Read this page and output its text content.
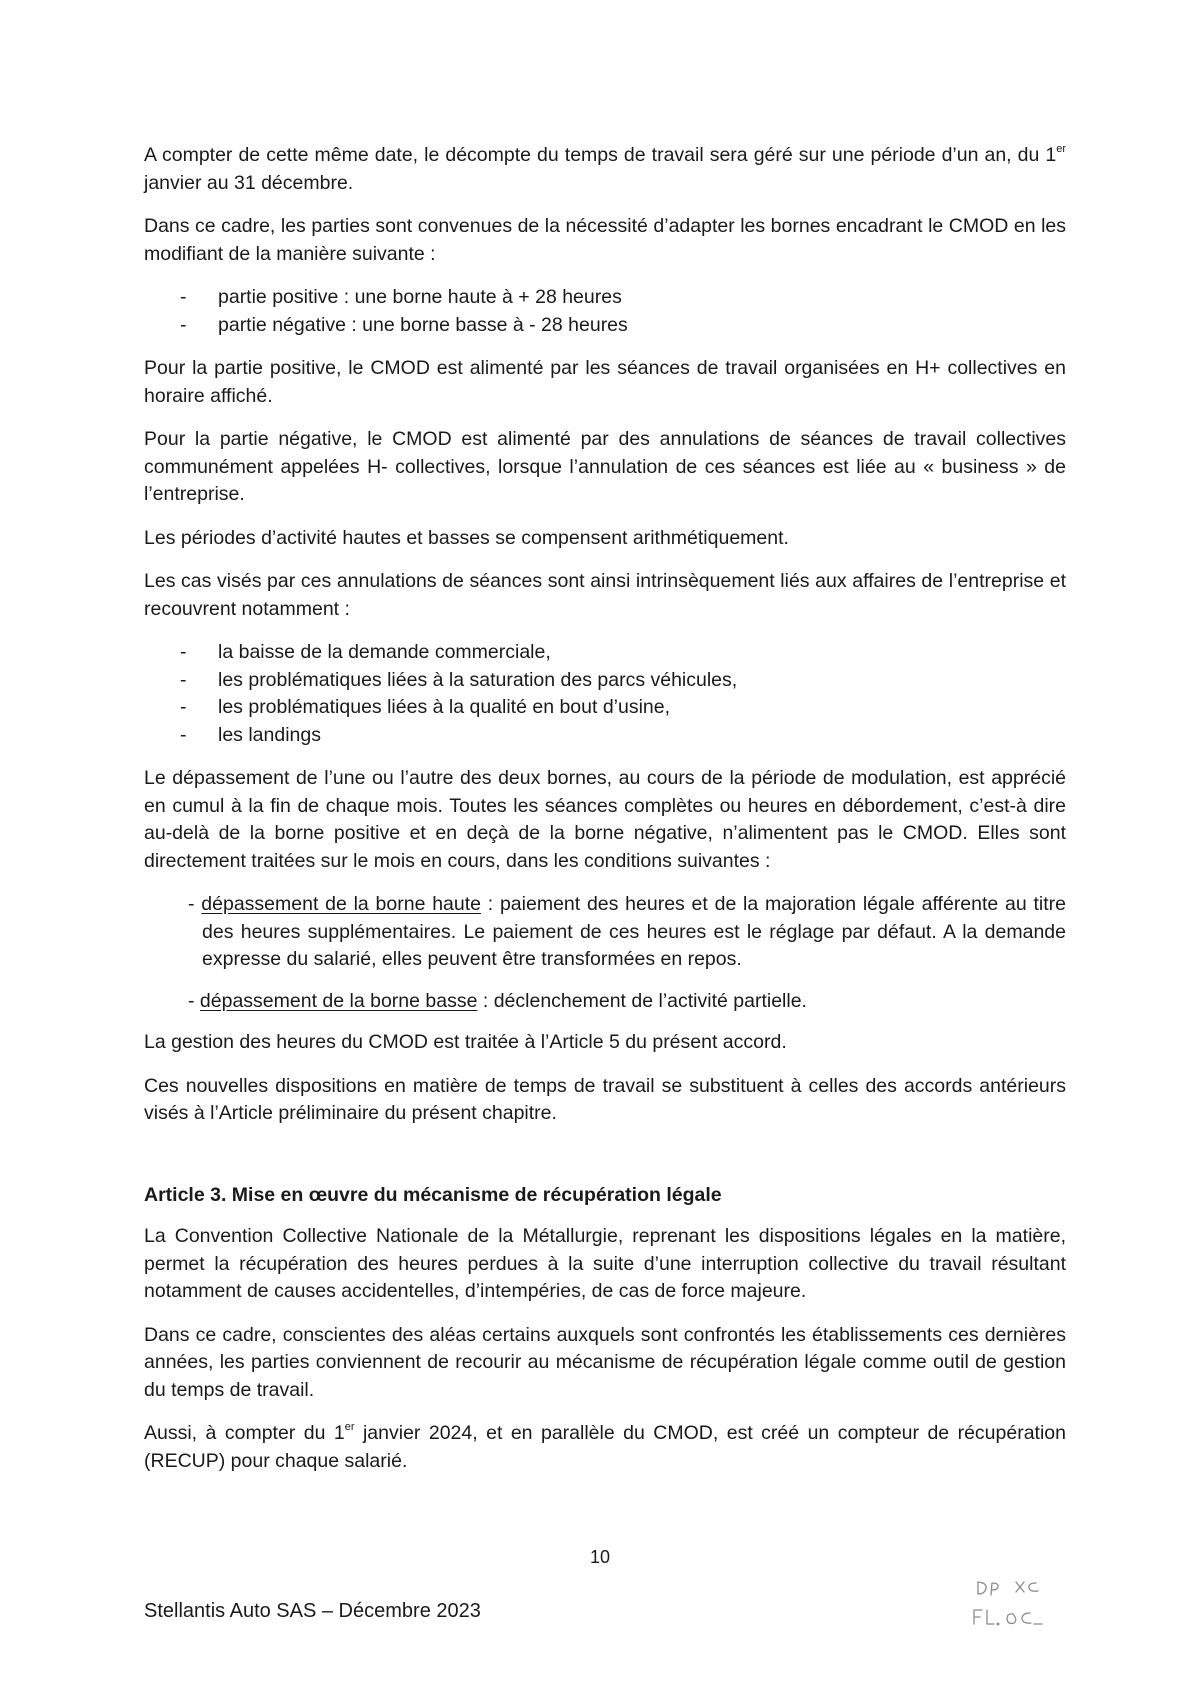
A compter de cette même date, le décompte du temps de travail sera géré sur une période d’un an, du 1er janvier au 31 décembre.

Dans ce cadre, les parties sont convenues de la nécessité d’adapter les bornes encadrant le CMOD en les modifiant de la manière suivante :

- partie positive : une borne haute à + 28 heures
- partie négative : une borne basse à - 28 heures

Pour la partie positive, le CMOD est alimenté par les séances de travail organisées en H+ collectives en horaire affiché.

Pour la partie négative, le CMOD est alimenté par des annulations de séances de travail collectives communément appelées H- collectives, lorsque l’annulation de ces séances est liée au « business » de l’entreprise.

Les périodes d’activité hautes et basses se compensent arithmétiquement.

Les cas visés par ces annulations de séances sont ainsi intrinsèquement liés aux affaires de l’entreprise et recouvrent notamment :

- la baisse de la demande commerciale,
- les problématiques liées à la saturation des parcs véhicules,
- les problématiques liées à la qualité en bout d’usine,
- les landings

Le dépassement de l’une ou l’autre des deux bornes, au cours de la période de modulation, est apprécié en cumul à la fin de chaque mois. Toutes les séances complètes ou heures en débordement, c’est-à dire au-delà de la borne positive et en deçà de la borne négative, n’alimentent pas le CMOD. Elles sont directement traitées sur le mois en cours, dans les conditions suivantes :

- dépassement de la borne haute : paiement des heures et de la majoration légale afférente au titre des heures supplémentaires. Le paiement de ces heures est le réglage par défaut. A la demande expresse du salarié, elles peuvent être transformées en repos.

- dépassement de la borne basse : déclenchement de l’activité partielle.

La gestion des heures du CMOD est traitée à l’Article 5 du présent accord.

Ces nouvelles dispositions en matière de temps de travail se substituent à celles des accords antérieurs visés à l’Article préliminaire du présent chapitre.

Article 3. Mise en œuvre du mécanisme de récupération légale

La Convention Collective Nationale de la Métallurgie, reprenant les dispositions légales en la matière, permet la récupération des heures perdues à la suite d’une interruption collective du travail résultant notamment de causes accidentelles, d’intempéries, de cas de force majeure.

Dans ce cadre, conscientes des aléas certains auxquels sont confrontés les établissements ces dernières années, les parties conviennent de recourir au mécanisme de récupération légale comme outil de gestion du temps de travail.

Aussi, à compter du 1er janvier 2024, et en parallèle du CMOD, est créé un compteur de récupération (RECUP) pour chaque salarié.

10
Stellantis Auto SAS – Décembre 2023
